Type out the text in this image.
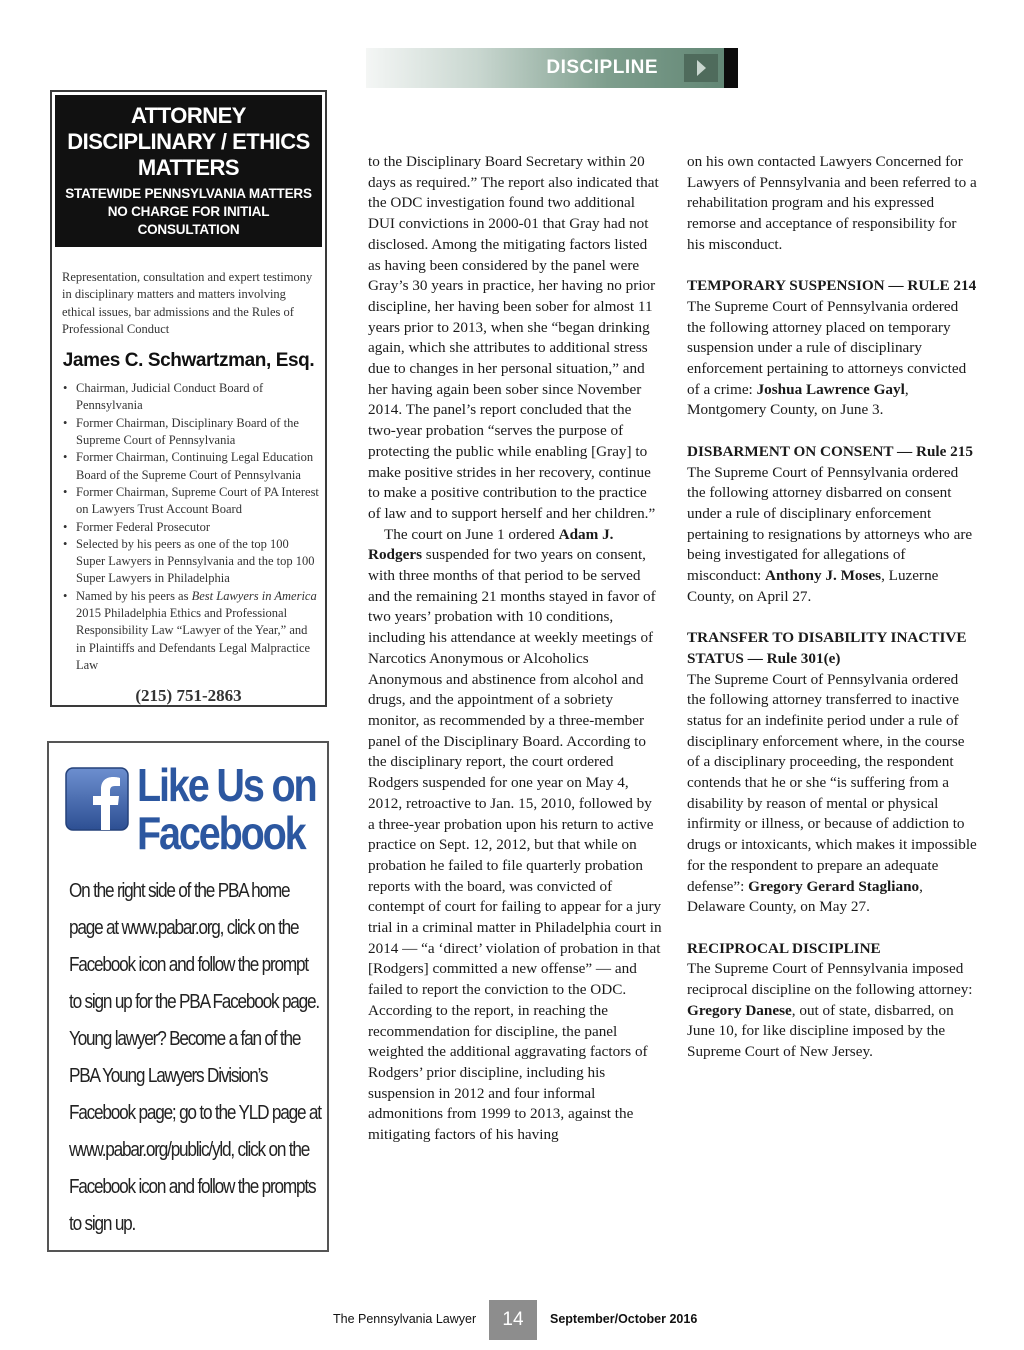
DISCIPLINE
ATTORNEY DISCIPLINARY / ETHICS MATTERS
STATEWIDE PENNSYLVANIA MATTERS
NO CHARGE FOR INITIAL CONSULTATION
Representation, consultation and expert testimony in disciplinary matters and matters involving ethical issues, bar admissions and the Rules of Professional Conduct
James C. Schwartzman, Esq.
• Chairman, Judicial Conduct Board of Pennsylvania
• Former Chairman, Disciplinary Board of the Supreme Court of Pennsylvania
• Former Chairman, Continuing Legal Education Board of the Supreme Court of Pennsylvania
• Former Chairman, Supreme Court of PA Interest on Lawyers Trust Account Board
• Former Federal Prosecutor
• Selected by his peers as one of the top 100 Super Lawyers in Pennsylvania and the top 100 Super Lawyers in Philadelphia
• Named by his peers as Best Lawyers in America 2015 Philadelphia Ethics and Professional Responsibility Law “Lawyer of the Year,” and in Plaintiffs and Defendants Legal Malpractice Law
(215) 751-2863
Like Us on
Facebook
On the right side of the PBA home page at www.pabar.org, click on the Facebook icon and follow the prompt to sign up for the PBA Facebook page. Young lawyer? Become a fan of the PBA Young Lawyers Division’s Facebook page; go to the YLD page at www.pabar.org/public/yld, click on the Facebook icon and follow the prompts to sign up.

to the Disciplinary Board Secretary within 20 days as required.” The report also indicated that the ODC investigation found two additional DUI convictions in 2000-01 that Gray had not disclosed. Among the mitigating factors listed as having been considered by the panel were Gray’s 30 years in practice, her having no prior discipline, her having been sober for almost 11 years prior to 2013, when she “began drinking again, which she attributes to additional stress due to changes in her personal situation,” and her having again been sober since November 2014. The panel’s report concluded that the two-year probation “serves the purpose of protecting the public while enabling [Gray] to make positive strides in her recovery, continue to make a positive contribution to the practice of law and to support herself and her children.”

The court on June 1 ordered Adam J. Rodgers suspended for two years on consent, with three months of that period to be served and the remaining 21 months stayed in favor of two years’ probation with 10 conditions, including his attendance at weekly meetings of Narcotics Anonymous or Alcoholics Anonymous and abstinence from alcohol and drugs, and the appointment of a sobriety monitor, as recommended by a three-member panel of the Disciplinary Board. According to the disciplinary report, the court ordered Rodgers suspended for one year on May 4, 2012, retroactive to Jan. 15, 2010, followed by a three-year probation upon his return to active practice on Sept. 12, 2012, but that while on probation he failed to file quarterly probation reports with the board, was convicted of contempt of court for failing to appear for a jury trial in a criminal matter in Philadelphia court in 2014 — “a ‘direct’ violation of probation in that [Rodgers] committed a new offense” — and failed to report the conviction to the ODC. According to the report, in reaching the recommendation for discipline, the panel weighted the additional aggravating factors of Rodgers’ prior discipline, including his suspension in 2012 and four informal admonitions from 1999 to 2013, against the mitigating factors of his having

on his own contacted Lawyers Concerned for Lawyers of Pennsylvania and been referred to a rehabilitation program and his expressed remorse and acceptance of responsibility for his misconduct.

TEMPORARY SUSPENSION — RULE 214

The Supreme Court of Pennsylvania ordered the following attorney placed on temporary suspension under a rule of disciplinary enforcement pertaining to attorneys convicted of a crime: Joshua Lawrence Gayl, Montgomery County, on June 3.

DISBARMENT ON CONSENT — Rule 215

The Supreme Court of Pennsylvania ordered the following attorney disbarred on consent under a rule of disciplinary enforcement pertaining to resignations by attorneys who are being investigated for allegations of misconduct: Anthony J. Moses, Luzerne County, on April 27.

TRANSFER TO DISABILITY INACTIVE STATUS — Rule 301(e)

The Supreme Court of Pennsylvania ordered the following attorney transferred to inactive status for an indefinite period under a rule of disciplinary enforcement where, in the course of a disciplinary proceeding, the respondent contends that he or she “is suffering from a disability by reason of mental or physical infirmity or illness, or because of addiction to drugs or intoxicants, which makes it impossible for the respondent to prepare an adequate defense”: Gregory Gerard Stagliano, Delaware County, on May 27.

RECIPROCAL DISCIPLINE

The Supreme Court of Pennsylvania imposed reciprocal discipline on the following attorney: Gregory Danese, out of state, disbarred, on June 10, for like discipline imposed by the Supreme Court of New Jersey.

The Pennsylvania Lawyer	14	September/October 2016
